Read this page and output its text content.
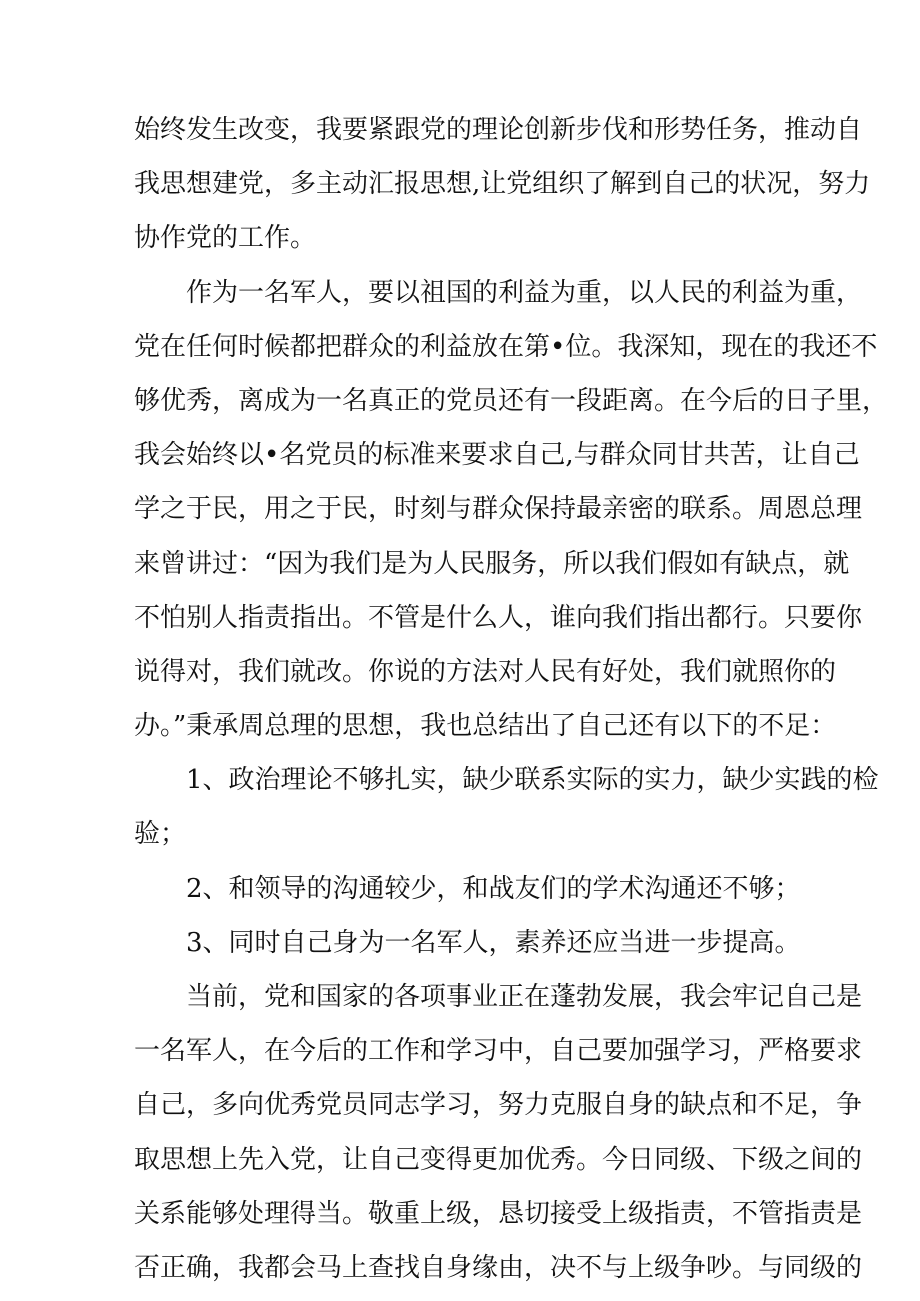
始终发生改变，我要紧跟党的理论创新步伐和形势任务，推动自
我思想建党，多主动汇报思想,让党组织了解到自己的状况，努力
协作党的工作。
作为一名军人，要以祖国的利益为重，以人民的利益为重，
党在任何时候都把群众的利益放在第•位。我深知，现在的我还不
够优秀，离成为一名真正的党员还有一段距离。在今后的日子里，
我会始终以•名党员的标准来要求自己,与群众同甘共苦，让自己
学之于民，用之于民，时刻与群众保持最亲密的联系。周恩总理
来曾讲过：“因为我们是为人民服务，所以我们假如有缺点，就
不怕别人指责指出。不管是什么人，谁向我们指出都行。只要你
说得对，我们就改。你说的方法对人民有好处，我们就照你的
办。”秉承周总理的思想，我也总结出了自己还有以下的不足：
1、政治理论不够扎实，缺少联系实际的实力，缺少实践的检
验；
2、和领导的沟通较少，和战友们的学术沟通还不够；
3、同时自己身为一名军人，素养还应当进一步提高。
当前，党和国家的各项事业正在蓬勃发展，我会牢记自己是
一名军人，在今后的工作和学习中，自己要加强学习，严格要求
自己，多向优秀党员同志学习，努力克服自身的缺点和不足，争
取思想上先入党，让自己变得更加优秀。今日同级、下级之间的
关系能够处理得当。敬重上级，恳切接受上级指责，不管指责是
否正确，我都会马上查找自身缘由，决不与上级争吵。与同级的
